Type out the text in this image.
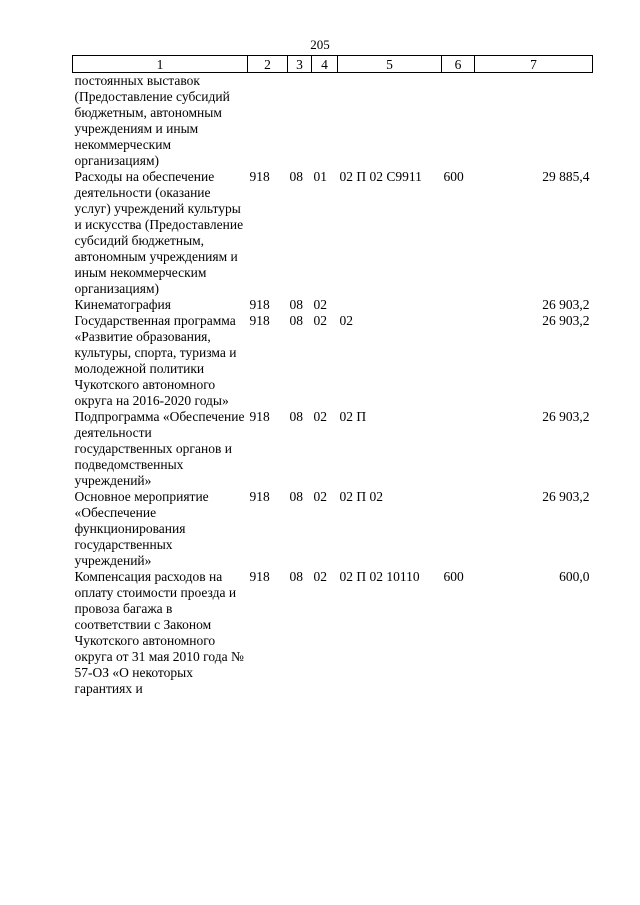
205
1	2	3	4	5	6	7
постоянных выставок (Предоставление субсидий бюджетным, автономным учреждениям и иным некоммерческим организациям)						
Расходы на обеспечение деятельности (оказание услуг) учреждений культуры и искусства (Предоставление субсидий бюджетным, автономным учреждениям и иным некоммерческим организациям)	918	08	01	02 П 02 С9911	600	29 885,4
Кинематография	918	08	02			26 903,2
Государственная программа «Развитие образования, культуры, спорта, туризма и молодежной политики Чукотского автономного округа на 2016-2020 годы»	918	08	02	02		26 903,2
Подпрограмма «Обеспечение деятельности государственных органов и подведомственных учреждений»	918	08	02	02 П		26 903,2
Основное мероприятие «Обеспечение функционирования государственных учреждений»	918	08	02	02 П 02		26 903,2
Компенсация расходов на оплату стоимости проезда и провоза багажа в соответствии с Законом Чукотского автономного округа от 31 мая 2010 года № 57-ОЗ «О некоторых гарантиях и	918	08	02	02 П 02 10110	600	600,0
